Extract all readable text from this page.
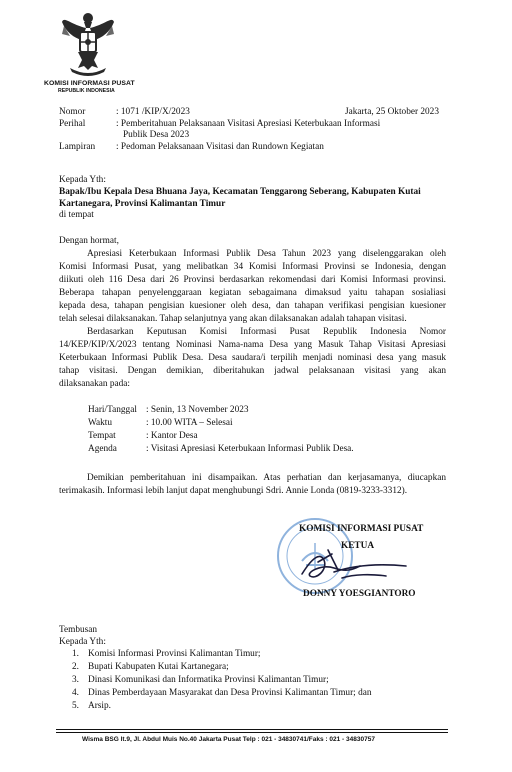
KOMISI INFORMASI PUSAT
REPUBLIK INDONESIA
Nomor	: 1071 /KIP/X/2023	Jakarta, 25 Oktober 2023
Perihal	: Pemberitahuan Pelaksanaan Visitasi Apresiasi Keterbukaan Informasi
Publik Desa 2023
Lampiran : Pedoman Pelaksanaan Visitasi dan Rundown Kegiatan
Kepada Yth:
Bapak/Ibu Kepala Desa Bhuana Jaya, Kecamatan Tenggarong Seberang, Kabupaten Kutai
Kartanegara, Provinsi Kalimantan Timur
di tempat
Dengan hormat,
Apresiasi Keterbukaan Informasi Publik Desa Tahun 2023 yang diselenggarakan oleh
Komisi Informasi Pusat, yang melibatkan 34 Komisi Informasi Provinsi se Indonesia, dengan
diikuti oleh 116 Desa dari 26 Provinsi berdasarkan rekomendasi dari Komisi Informasi provinsi.
Beberapa tahapan penyelenggaraan kegiatan sebagaimana dimaksud yaitu tahapan sosialiasi
kepada desa, tahapan pengisian kuesioner oleh desa, dan tahapan verifikasi pengisian kuesioner
telah selesai dilaksanakan. Tahap selanjutnya yang akan dilaksanakan adalah tahapan visitasi.
Berdasarkan Keputusan Komisi Informasi Pusat Republik Indonesia Nomor
14/KEP/KIP/X/2023 tentang Nominasi Nama-nama Desa yang Masuk Tahap Visitasi Apresiasi
Keterbukaan Informasi Publik Desa. Desa saudara/i terpilih menjadi nominasi desa yang masuk
tahap visitasi. Dengan demikian, diberitahukan jadwal pelaksanaan visitasi yang akan
dilaksanakan pada:
Hari/Tanggal : Senin, 13 November 2023
Waktu	: 10.00 WITA – Selesai
Tempat	: Kantor Desa
Agenda	: Visitasi Apresiasi Keterbukaan Informasi Publik Desa.
Demikian pemberitahuan ini disampaikan. Atas perhatian dan kerjasamanya, diucapkan
terimakasih. Informasi lebih lanjut dapat menghubungi Sdri. Annie Londa (0819-3233-3312).
KOMISI INFORMASI PUSAT
KETUA
DONNY YOESGIANTORO
Tembusan
Kepada Yth:
1. Komisi Informasi Provinsi Kalimantan Timur;
2. Bupati Kabupaten Kutai Kartanegara;
3. Dinasi Komunikasi dan Informatika Provinsi Kalimantan Timur;
4. Dinas Pemberdayaan Masyarakat dan Desa Provinsi Kalimantan Timur; dan
5. Arsip.
Wisma BSG lt.9, Jl. Abdul Muis No.40 Jakarta Pusat Telp : 021 - 34830741/Faks : 021 - 34830757
